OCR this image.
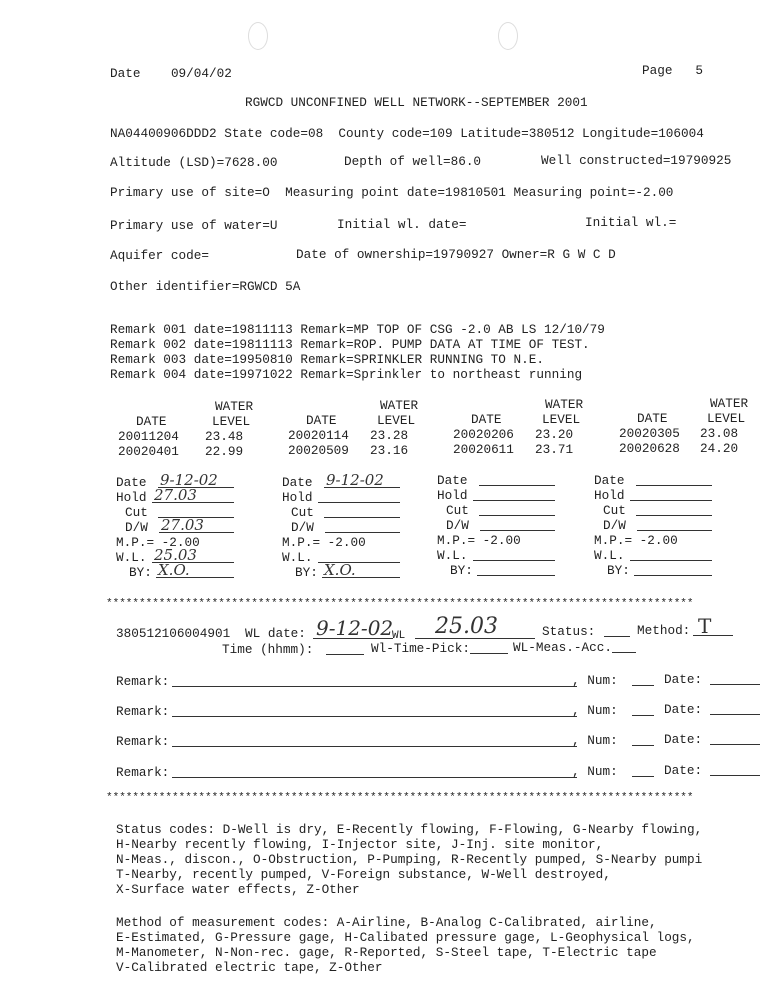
Date 09/04/02	Page 5
RGWCD UNCONFINED WELL NETWORK--SEPTEMBER 2001
NA04400906DDD2 State code=08  County code=109 Latitude=380512 Longitude=106004
Altitude (LSD)=7628.00	Depth of well=86.0	Well constructed=19790925
Primary use of site=O  Measuring point date=19810501 Measuring point=-2.00
Primary use of water=U	Initial wl. date=	Initial wl.=
Aquifer code=	Date of ownership=19790927 Owner=R G W C D
Other identifier=RGWCD 5A
Remark 001 date=19811113 Remark=MP TOP OF CSG -2.0 AB LS 12/10/79
Remark 002 date=19811113 Remark=ROP. PUMP DATA AT TIME OF TEST.
Remark 003 date=19950810 Remark=SPRINKLER RUNNING TO N.E.
Remark 004 date=19971022 Remark=Sprinkler to northeast running
WATER
DATE	LEVEL
20011204 23.48
20020401 22.99
WATER
DATE	LEVEL
20020114 23.28
20020509 23.16
WATER
DATE	LEVEL
20020206 23.20
20020611 23.71
WATER
DATE	LEVEL
20020305 23.08
20020628 24.20
Date 9-12-02
Hold 27.03
Cut
D/W 27.03
M.P.= -2.00
W.L. 25.03
BY: X.O.
Date 9-12-02
Hold
Cut
D/W
M.P.= -2.00
W.L.
BY: X.O.
Date
Hold
Cut
D/W
M.P.= -2.00
W.L.
BY:
Date
Hold
Cut
D/W
M.P.= -2.00
W.L.
BY:
*****************************************************************************************
380512106004901 WL date: 9-12-02
WL 25.03	Status:	Method: T
Time (hhmm):	Wl-Time-Pick:	WL-Meas.-Acc.
Remark:	, Num:	Date:
Remark:	, Num:	Date:
Remark:	, Num:	Date:
Remark:	, Num:	Date:
*****************************************************************************************
Status codes: D-Well is dry, E-Recently flowing, F-Flowing, G-Nearby flowing,
H-Nearby recently flowing, I-Injector site, J-Inj. site monitor,
N-Meas., discon., O-Obstruction, P-Pumping, R-Recently pumped, S-Nearby pumpi
T-Nearby, recently pumped, V-Foreign substance, W-Well destroyed,
X-Surface water effects, Z-Other
Method of measurement codes: A-Airline, B-Analog C-Calibrated, airline,
E-Estimated, G-Pressure gage, H-Calibated pressure gage, L-Geophysical logs,
M-Manometer, N-Non-rec. gage, R-Reported, S-Steel tape, T-Electric tape
V-Calibrated electric tape, Z-Other
